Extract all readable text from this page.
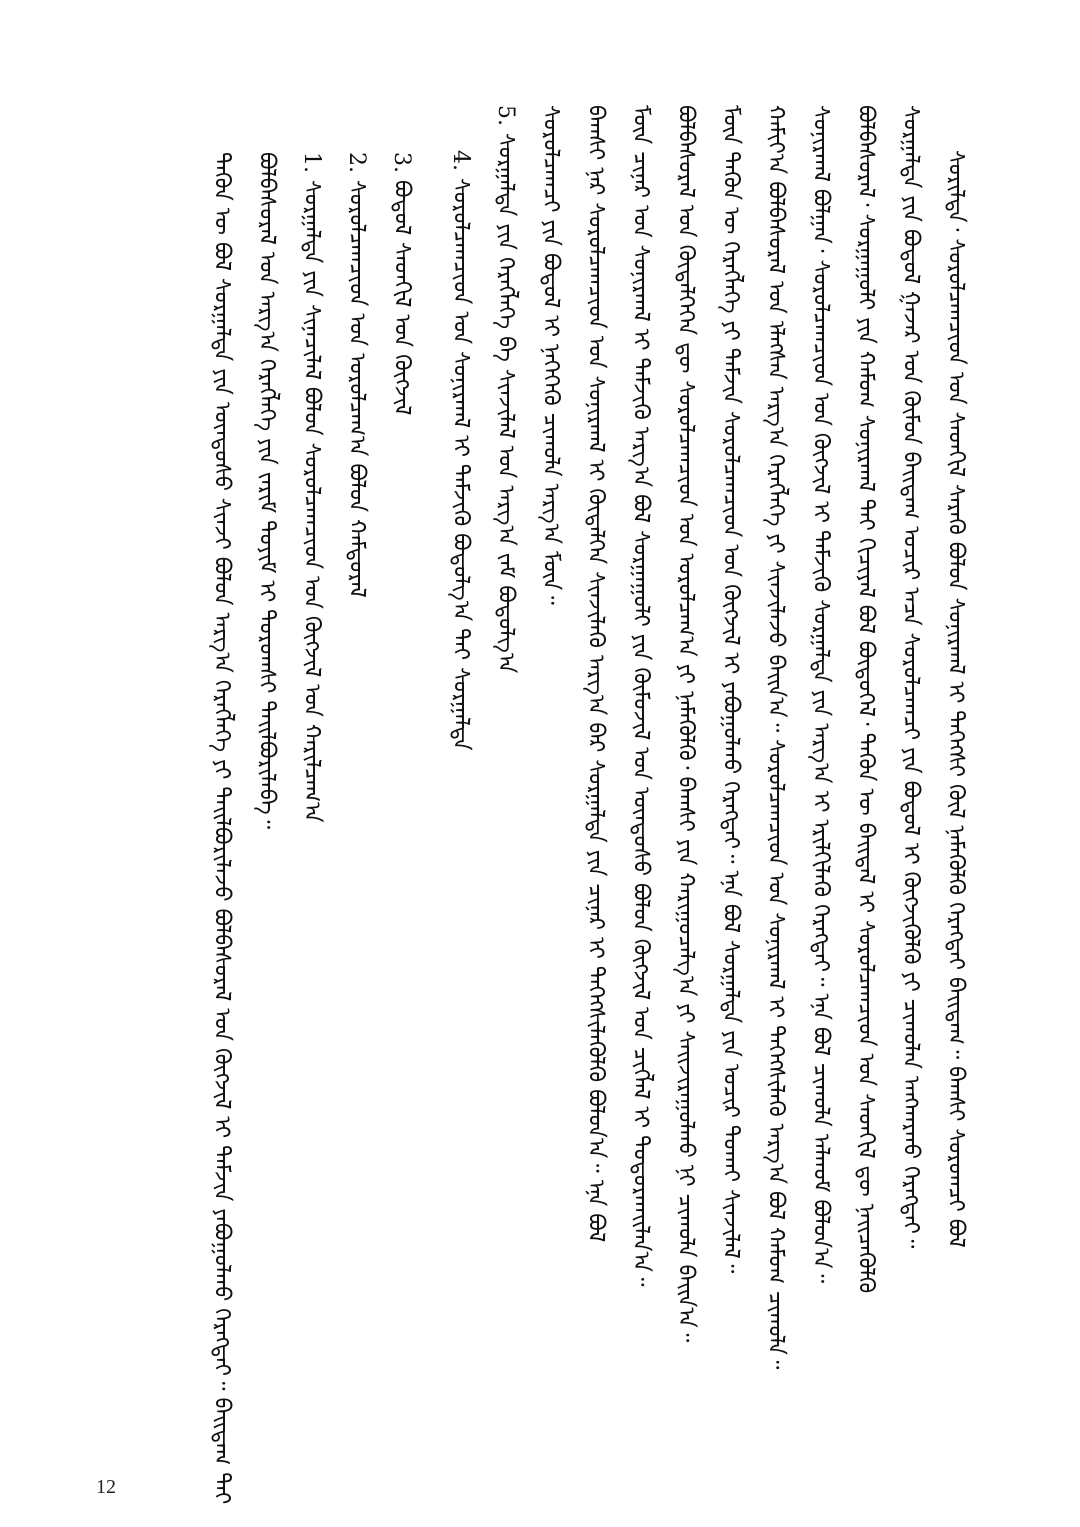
ᠰᠣᠷᠢᠯᠲᠠ᠂ ᠰᠤᠷᠤᠯᠴᠠᠭᠴᠢᠳ ᠤᠨ ᠰᠡᠳᠬᠢᠯ ᠰᠡᠷᠡᠬᠦ ᠪᠣᠯᠤᠨ ᠰᠣᠨᠢᠷᠬᠠᠯ ᠢ ᠳᠡᠭᠡᠭᠰᠢ ᠬᠦᠯ ᠨᠡᠮᠡᠭᠦᠯᠬᠦ ᠬᠡᠷᠡᠭᠲᠡᠢ ᠪᠠᠢᠳᠠᠭ᠃ ᠪᠠᠭᠰᠢ ᠰᠤᠷᠤᠭᠴᠢ ᠪᠣᠯ
ᠰᠤᠷᠭᠠᠯᠲᠠ ᠶᠢᠨ ᠪᠣᠳᠤᠯ ᠭᠠᠵᠠᠷ ᠤᠨ ᠬᠦᠮᠦᠨ ᠪᠠᠢᠳᠠᠭ ᠤᠴᠢᠷ ᠠᠴᠠ ᠰᠤᠷᠤᠯᠴᠠᠭᠴᠢ ᠶᠢᠨ ᠪᠣᠳᠤᠯ ᠢ ᠬᠥᠭᠵᠢᠭᠦᠯᠬᠦ ᠶᠢ ᠴᠢᠬᠤᠯᠠᠨ ᠠᠩᠬᠠᠷᠬᠤ ᠬᠡᠷᠡᠭᠲᠡᠢ᠃
ᠪᠣᠯᠪᠠᠰᠤᠷᠠᠯ᠂ ᠰᠤᠷᠭᠠᠭᠤᠯᠢ ᠶᠢᠨ ᠬᠠᠮᠤᠭ ᠰᠣᠨᠢᠷᠬᠠᠯ ᠲᠠᠢ ᠬᠢᠴᠢᠶᠡᠯ ᠪᠣᠯ ᠪᠦᠲᠦᠭᠡᠯ᠂ ᠲᠡᠭᠦᠨ ᠦ ᠪᠠᠢᠳᠠᠯ ᠢ ᠰᠤᠷᠤᠯᠴᠠᠭᠴᠢᠳ ᠤᠨ ᠰᠡᠳᠬᠢᠯ ᠳᠦ ᠨᠡᠢᠴᠡᠭᠦᠯᠬᠦ
ᠰᠣᠨᠢᠷᠬᠠᠯ ᠪᠣᠯᠭᠠᠨ᠂ ᠰᠤᠷᠤᠯᠴᠠᠭᠴᠢᠳ ᠤᠨ ᠬᠥᠭᠵᠢᠯ ᠢ ᠳᠡᠮᠵᠢᠬᠦ ᠰᠤᠷᠭᠠᠯᠲᠠ ᠶᠢᠨ ᠠᠷᠭ᠎ᠠ ᠢ ᠡᠷᠢᠯᠬᠢᠯᠡᠬᠦ ᠬᠡᠷᠡᠭᠲᠡᠢ᠃ ᠡᠨᠡ ᠪᠣᠯ ᠴᠢᠬᠤᠯᠠ ᠠᠯᠬᠤᠮ ᠪᠣᠯᠤᠨ᠎ᠠ᠃
ᠬᠠᠮᠢᠶ᠎ᠠ ᠪᠣᠯᠪᠠᠰᠤᠷᠠᠯ ᠤᠨ ᠡᠯᠡᠭᠰᠡᠨ ᠠᠷᠭ᠎ᠠ ᠬᠡᠷᠡᠭᠯᠡᠭᠡ ᠶᠢ ᠰᠢᠨᠵᠢᠯᠡᠵᠦ ᠪᠠᠢᠨ᠎ᠠ᠃ ᠰᠤᠷᠤᠯᠴᠠᠭᠴᠢᠳ ᠤᠨ ᠰᠣᠨᠢᠷᠬᠠᠯ ᠢ ᠳᠡᠭᠡᠭᠰᠢᠯᠡᠬᠦ ᠠᠷᠭ᠎ᠠ ᠪᠣᠯ ᠬᠠᠮᠤᠭ ᠴᠢᠬᠤᠯᠠ᠃
ᠮᠥᠨ ᠲᠡᠭᠦᠨ ᠦ ᠬᠡᠷᠡᠭᠯᠡᠭᠡ ᠶᠢ ᠳᠡᠮᠵᠢᠨ ᠰᠤᠷᠤᠯᠴᠠᠭᠴᠢᠳ ᠤᠨ ᠬᠥᠭᠵᠢᠯ ᠢ ᠶᠠᠪᠤᠭᠤᠯᠬᠤ ᠬᠡᠷᠡᠭᠲᠡᠢ᠃ ᠡᠨᠡ ᠪᠣᠯ ᠰᠤᠷᠭᠠᠯᠲᠠ ᠶᠢᠨ ᠤᠴᠢᠷ ᠲᠤᠬᠠᠢ ᠰᠢᠨᠵᠢᠯᠡᠯ᠃
ᠪᠣᠯᠪᠠᠰᠤᠷᠠᠯ ᠤᠨ ᠬᠥᠳᠡᠯᠭᠡᠭᠡᠨ ᠳᠦ ᠰᠤᠷᠤᠯᠴᠠᠭᠴᠢᠳ ᠤᠨ ᠣᠷᠤᠯᠴᠠᠭ᠎ᠠ ᠶᠢ ᠨᠡᠮᠡᠭᠦᠯᠬᠦ᠂ ᠪᠠᠭᠰᠢ ᠶᠢᠨ ᠬᠠᠷᠢᠭᠤᠴᠠᠯᠭ᠎ᠠ ᠶᠢ ᠰᠠᠢᠵᠢᠷᠠᠭᠤᠯᠬᠤ ᠨᠢ ᠴᠢᠬᠤᠯᠠ ᠪᠠᠢᠨ᠎ᠠ᠃
ᠮᠥᠨ ᠴᠢᠨᠠᠷ ᠤᠨ ᠰᠣᠨᠢᠷᠬᠠᠯ ᠢ ᠳᠡᠮᠵᠢᠬᠦ ᠠᠷᠭ᠎ᠠ ᠪᠣᠯ ᠰᠤᠷᠭᠠᠭᠤᠯᠢ ᠶᠢᠨ ᠬᠦᠮᠦᠵᠢᠯ ᠤᠨ ᠦᠨᠳᠦᠰᠦ ᠪᠣᠯᠤᠨ ᠬᠥᠭᠵᠢᠯ ᠤᠨ ᠴᠢᠭᠯᠡᠯ ᠢ ᠲᠣᠳᠤᠷᠬᠠᠢᠯᠠᠨ᠎ᠠ᠃
ᠪᠠᠭᠰᠢ ᠨᠠᠷ ᠰᠤᠷᠤᠯᠴᠠᠭᠴᠢᠳ ᠤᠨ ᠰᠣᠨᠢᠷᠬᠠᠯ ᠢ ᠬᠥᠳᠡᠯᠭᠡᠨ ᠰᠢᠨᠵᠢᠯᠡᠬᠦ ᠠᠷᠭ᠎ᠠ ᠪᠠᠷ ᠰᠤᠷᠭᠠᠯᠲᠠ ᠶᠢᠨ ᠴᠢᠨᠠᠷ ᠢ ᠳᠡᠭᠡᠭᠰᠢᠯᠡᠭᠦᠯᠬᠦ ᠪᠣᠯᠤᠨ᠎ᠠ᠃ ᠡᠨᠡ ᠪᠣᠯ
ᠰᠤᠷᠤᠯᠴᠠᠭᠴᠢ ᠶᠢᠨ ᠪᠣᠳᠤᠯ ᠢ ᠨᠡᠭᠡᠭᠡᠬᠦ ᠴᠢᠬᠤᠯᠠ ᠠᠷᠭ᠎ᠠ ᠮᠥᠨ᠃
5. ᠰᠤᠷᠭᠠᠯᠲᠠ ᠶᠢᠨ ᠬᠡᠷᠡᠭᠯᠡᠭᠡ ᠪᠠ ᠰᠢᠨᠵᠢᠯᠡᠯ ᠤᠨ ᠠᠷᠭ᠎ᠠ ᠵᠠᠮ ᠪᠣᠳᠤᠯᠭ᠎ᠠ
4. ᠰᠤᠷᠤᠯᠴᠠᠭᠴᠢᠳ ᠤᠨ ᠰᠣᠨᠢᠷᠬᠠᠯ ᠢ ᠳᠡᠮᠵᠢᠬᠦ ᠪᠣᠳᠤᠯᠭ᠎ᠠ ᠲᠠᠢ ᠰᠤᠷᠭᠠᠯᠲᠠ
3. ᠪᠣᠳᠤᠯ ᠰᠡᠳᠬᠢᠯ ᠤᠨ ᠬᠥᠭᠵᠢᠯ
2. ᠰᠤᠷᠤᠯᠴᠠᠭᠴᠢᠳ ᠤᠨ ᠣᠷᠤᠯᠴᠠᠭ᠎ᠠ ᠪᠣᠯᠤᠨ ᠬᠠᠮᠲᠤᠷᠠᠯ
1. ᠰᠤᠷᠭᠠᠯᠲᠠ ᠶᠢᠨ ᠰᠢᠨᠡᠴᠢᠯᠡᠯ ᠪᠣᠯᠤᠨ ᠰᠤᠷᠤᠯᠴᠠᠭᠴᠢᠳ ᠤᠨ ᠬᠥᠭᠵᠢᠯ ᠤᠨ ᠬᠠᠷᠢᠯᠴᠠᠭ᠎ᠠ
ᠪᠣᠯᠪᠠᠰᠤᠷᠠᠯ ᠤᠨ ᠠᠷᠭ᠎ᠠ ᠬᠡᠷᠡᠭᠯᠡᠭᠡ ᠶᠢᠨ ᠵᠠᠷᠢᠮ ᠲᠣᠶᠢᠮ ᠢ ᠳᠣᠷᠣᠭᠰᠢ ᠲᠠᠢᠯᠪᠤᠷᠢᠯᠠᠪᠠ᠃
ᠲᠡᠭᠦᠨ ᠦ ᠪᠣᠯ ᠰᠤᠷᠭᠠᠯᠲᠠ ᠶᠢᠨ ᠦᠨᠳᠦᠰᠦ ᠰᠢᠨᠵᠢ ᠪᠣᠯᠤᠨ ᠠᠷᠭ᠎ᠠ ᠬᠡᠷᠡᠭᠯᠡᠭᠡ ᠶᠢ ᠲᠠᠢᠯᠪᠤᠷᠢᠯᠠᠵᠤ ᠪᠣᠯᠪᠠᠰᠤᠷᠠᠯ ᠤᠨ ᠬᠥᠭᠵᠢᠯ ᠢ ᠳᠡᠮᠵᠢᠨ ᠶᠠᠪᠤᠭᠤᠯᠬᠤ ᠬᠡᠷᠡᠭᠲᠡᠢ᠃ ᠪᠠᠢᠳᠠᠭ ᠲᠠᠢ
12
